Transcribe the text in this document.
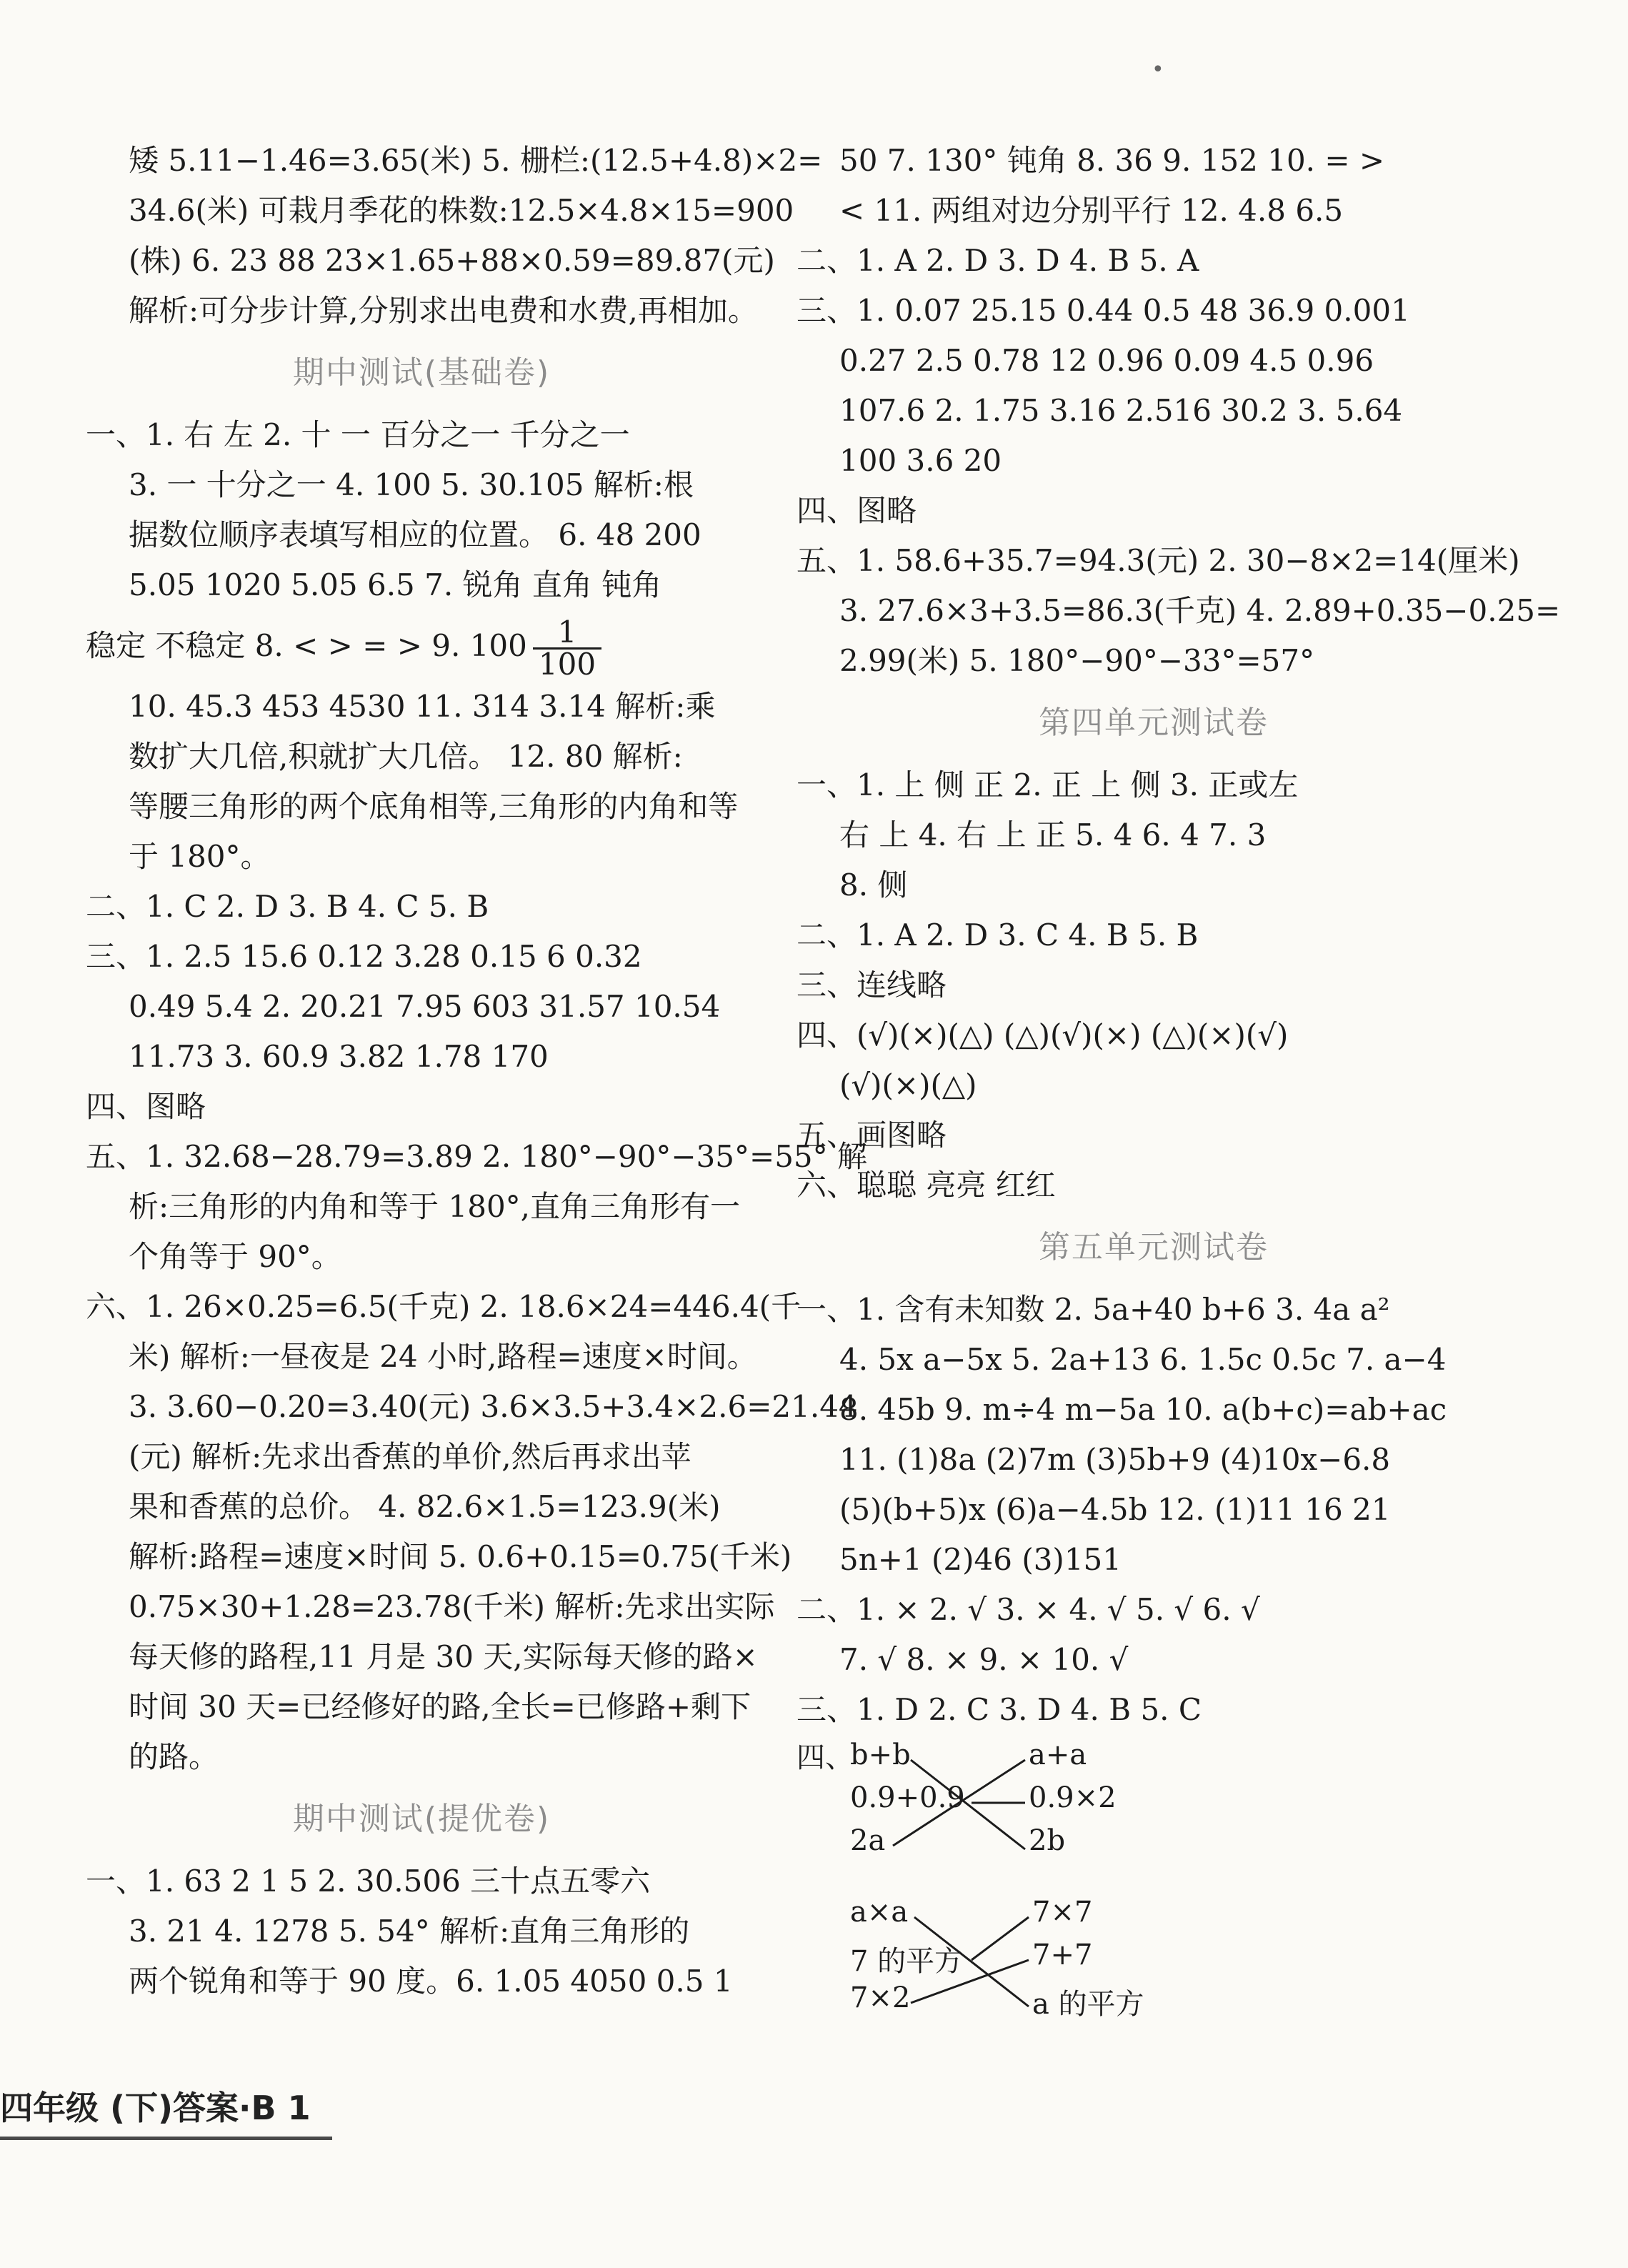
•
矮 5.11−1.46=3.65(米) 5. 栅栏:(12.5+4.8)×2=
34.6(米) 可栽月季花的株数:12.5×4.8×15=900
(株) 6. 23 88 23×1.65+88×0.59=89.87(元)
解析:可分步计算,分别求出电费和水费,再相加。
期中测试(基础卷)
一、1. 右 左 2. 十 一 百分之一 千分之一
3. 一 十分之一 4. 100 5. 30.105 解析:根
据数位顺序表填写相应的位置。 6. 48 200
5.05 1020 5.05 6.5 7. 锐角 直角 钝角
稳定 不稳定 8. < > = > 9. $100 \frac{1}{100}$
10. 45.3 453 4530 11. 314 3.14 解析:乘
数扩大几倍,积就扩大几倍。 12. 80 解析:
等腰三角形的两个底角相等,三角形的内角和等
于 180°。
二、1. C 2. D 3. B 4. C 5. B
三、1. 2.5 15.6 0.12 3.28 0.15 6 0.32
0.49 5.4 2. 20.21 7.95 603 31.57 10.54
11.73 3. 60.9 3.82 1.78 170
四、图略
五、1. 32.68−28.79=3.89 2. 180°−90°−35°=55° 解
析:三角形的内角和等于 180°,直角三角形有一
个角等于 90°。
六、1. 26×0.25=6.5(千克) 2. 18.6×24=446.4(千
米) 解析:一昼夜是 24 小时,路程=速度×时间。
3. 3.60−0.20=3.40(元) 3.6×3.5+3.4×2.6=21.44
(元) 解析:先求出香蕉的单价,然后再求出苹
果和香蕉的总价。 4. 82.6×1.5=123.9(米)
解析:路程=速度×时间 5. 0.6+0.15=0.75(千米)
0.75×30+1.28=23.78(千米) 解析:先求出实际
每天修的路程,11 月是 30 天,实际每天修的路×
时间 30 天=已经修好的路,全长=已修路+剩下
的路。
期中测试(提优卷)
一、1. 63 2 1 5 2. 30.506 三十点五零六
3. 21 4. 1278 5. 54° 解析:直角三角形的
两个锐角和等于 90 度。6. 1.05 4050 0.5 1
50 7. 130° 钝角 8. 36 9. 152 10. = >
< 11. 两组对边分别平行 12. 4.8 6.5
二、1. A 2. D 3. D 4. B 5. A
三、1. 0.07 25.15 0.44 0.5 48 36.9 0.001
0.27 2.5 0.78 12 0.96 0.09 4.5 0.96
107.6 2. 1.75 3.16 2.516 30.2 3. 5.64
100 3.6 20
四、图略
五、1. 58.6+35.7=94.3(元) 2. 30−8×2=14(厘米)
3. 27.6×3+3.5=86.3(千克) 4. 2.89+0.35−0.25=
2.99(米) 5. 180°−90°−33°=57°
第四单元测试卷
一、1. 上 侧 正 2. 正 上 侧 3. 正或左
右 上 4. 右 上 正 5. 4 6. 4 7. 3
8. 侧
二、1. A 2. D 3. C 4. B 5. B
三、连线略
四、(√)(×)(△) (△)(√)(×) (△)(×)(√)
(√)(×)(△)
五、画图略
六、聪聪 亮亮 红红
第五单元测试卷
一、1. 含有未知数 2. 5a+40 b+6 3. 4a a²
4. 5x a−5x 5. 2a+13 6. 1.5c 0.5c 7. a−4
8. 45b 9. m÷4 m−5a 10. a(b+c)=ab+ac
11. (1)8a (2)7m (3)5b+9 (4)10x−6.8
(5)(b+5)x (6)a−4.5b 12. (1)11 16 21
5n+1 (2)46 (3)151
二、1. × 2. √ 3. × 4. √ 5. √ 6. √
7. √ 8. × 9. × 10. √
三、1. D 2. C 3. D 4. B 5. C
四、
b+b
0.9+0.9
2a
a+a
0.9×2
2b
a×a
7 的平方
7×2
7×7
7+7
a 的平方
四年级 (下)答案·B 1
